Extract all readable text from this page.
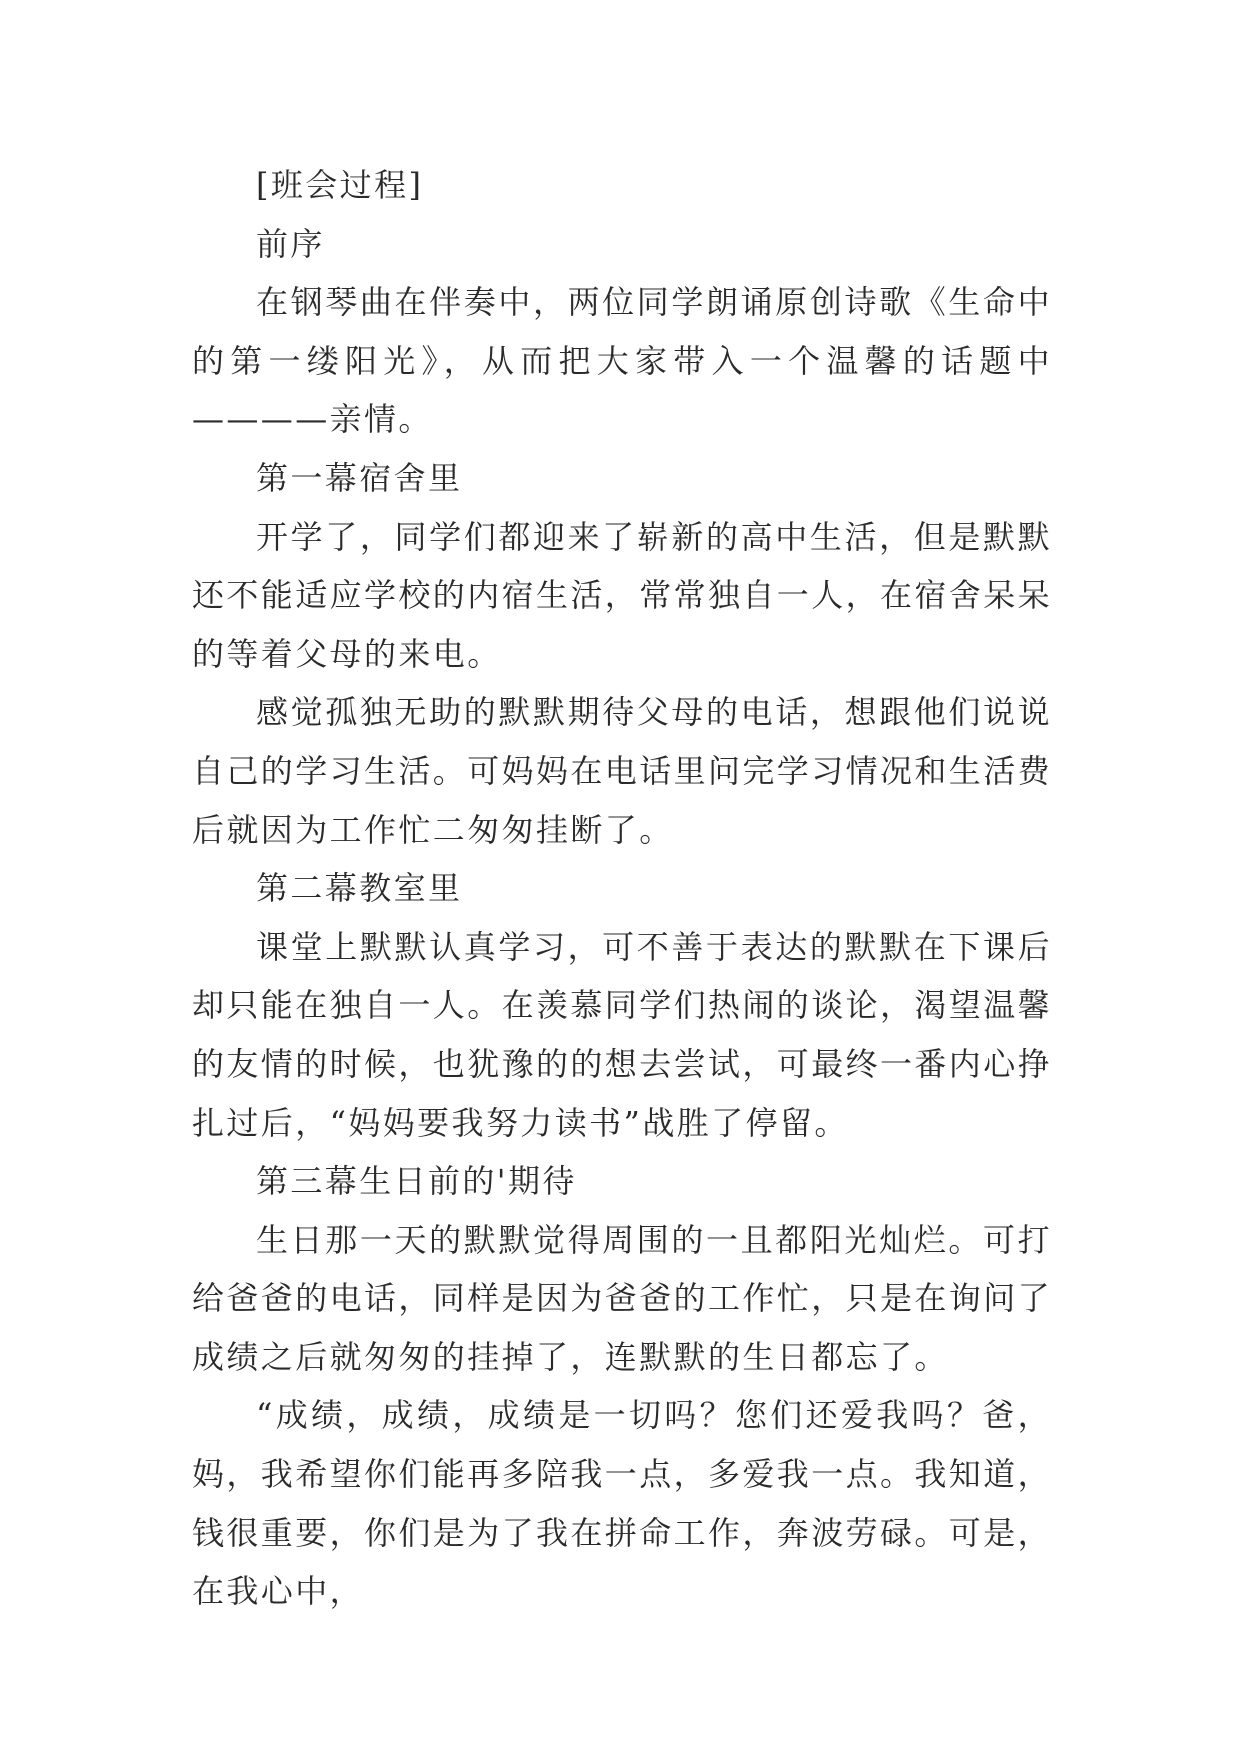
[班会过程]

前序

在钢琴曲在伴奏中，两位同学朗诵原创诗歌《生命中的第一缕阳光》，从而把大家带入一个温馨的话题中————亲情。

第一幕宿舍里

开学了，同学们都迎来了崭新的高中生活，但是默默还不能适应学校的内宿生活，常常独自一人，在宿舍呆呆的等着父母的来电。

感觉孤独无助的默默期待父母的电话，想跟他们说说自己的学习生活。可妈妈在电话里问完学习情况和生活费后就因为工作忙二匆匆挂断了。

第二幕教室里

课堂上默默认真学习，可不善于表达的默默在下课后却只能在独自一人。在羡慕同学们热闹的谈论，渴望温馨的友情的时候，也犹豫的的想去尝试，可最终一番内心挣扎过后，“妈妈要我努力读书”战胜了停留。

第三幕生日前的'期待

生日那一天的默默觉得周围的一且都阳光灿烂。可打给爸爸的电话，同样是因为爸爸的工作忙，只是在询问了成绩之后就匆匆的挂掉了，连默默的生日都忘了。

“成绩，成绩，成绩是一切吗？您们还爱我吗？爸，妈，我希望你们能再多陪我一点，多爱我一点。我知道，钱很重要，你们是为了我在拼命工作，奔波劳碌。可是，在我心中，
